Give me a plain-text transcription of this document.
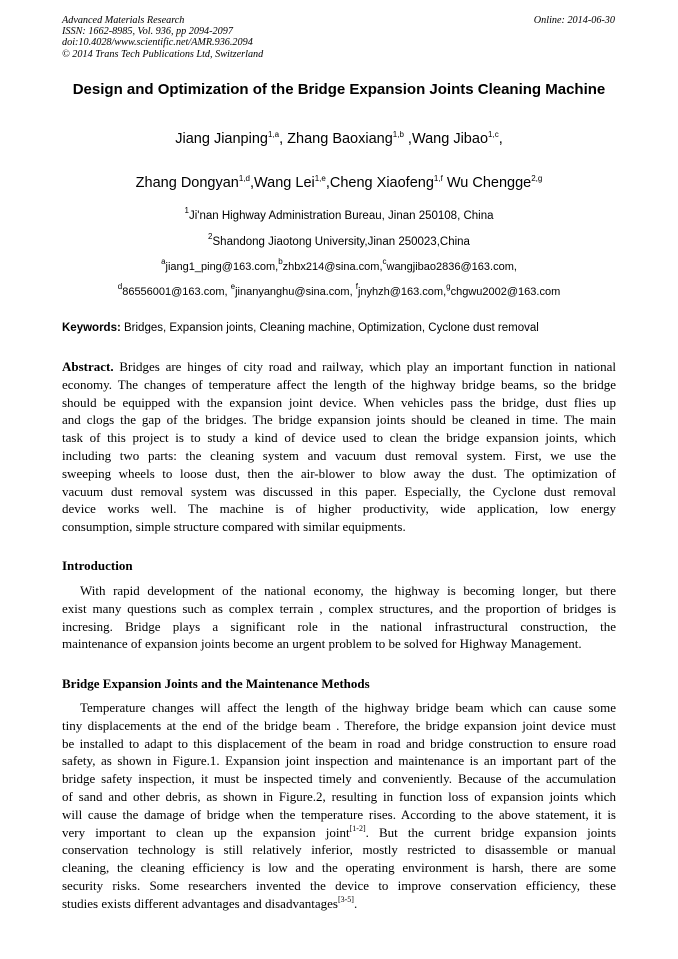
Advanced Materials Research
ISSN: 1662-8985, Vol. 936, pp 2094-2097
doi:10.4028/www.scientific.net/AMR.936.2094
© 2014 Trans Tech Publications Ltd, Switzerland
Online: 2014-06-30
Design and Optimization of the Bridge Expansion Joints Cleaning Machine
Jiang Jianping$^{1,a}$, Zhang Baoxiang$^{1,b}$ ,Wang Jibao$^{1,c}$,
Zhang Dongyan$^{1,d}$,Wang Lei$^{1,e}$,Cheng Xiaofeng$^{1,f}$ Wu Chengge$^{2,g}$
$^1$Ji'nan Highway Administration Bureau, Jinan 250108, China
$^2$Shandong Jiaotong University,Jinan 250023,China
$^a$jiang1_ping@163.com,$^b$zhbx214@sina.com,$^c$wangjibao2836@163.com,
$^d$86556001@163.com, $^e$jinanyanghu@sina.com, $^f$jnyhzh@163.com,$^g$chgwu2002@163.com
Keywords: Bridges, Expansion joints, Cleaning machine, Optimization, Cyclone dust removal
Abstract. Bridges are hinges of city road and railway, which play an important function in national
economy. The changes of temperature affect the length of the highway bridge beams, so the bridge
should be equipped with the expansion joint device. When vehicles pass the bridge, dust flies up
and clogs the gap of the bridges. The bridge expansion joints should be cleaned in time. The main
task of this project is to study a kind of device used to clean the bridge expansion joints, which
including two parts: the cleaning system and vacuum dust removal system. First, we use the
sweeping wheels to loose dust, then the air-blower to blow away the dust. The optimization of
vacuum dust removal system was discussed in this paper. Especially, the Cyclone dust removal
device works well. The machine is of higher productivity, wide application, low energy
consumption, simple structure compared with similar equipments.
Introduction
With rapid development of the national economy, the highway is becoming longer, but there
exist many questions such as complex terrain , complex structures, and the proportion of bridges is
incresing. Bridge plays a significant role in the national infrastructural construction, the
maintenance of expansion joints become an urgent problem to be solved for Highway Management.
Bridge Expansion Joints and the Maintenance Methods
Temperature changes will affect the length of the highway bridge beam which can cause some
tiny displacements at the end of the bridge beam . Therefore, the bridge expansion joint device must
be installed to adapt to this displacement of the beam in road and bridge construction to ensure road
safety, as shown in Figure.1. Expansion joint inspection and maintenance is an important part of the
bridge safety inspection, it must be inspected timely and conveniently. Because of the accumulation
of sand and other debris, as shown in Figure.2, resulting in function loss of expansion joints which
will cause the damage of bridge when the temperature rises. According to the above statement, it is
very important to clean up the expansion joint[1-2]. But the current bridge expansion joints
conservation technology is still relatively inferior, mostly restricted to disassemble or manual
cleaning, the cleaning efficiency is low and the operating environment is harsh, there are some
security risks. Some researchers invented the device to improve conservation efficiency, these
studies exists different advantages and disadvantages[3-5].
